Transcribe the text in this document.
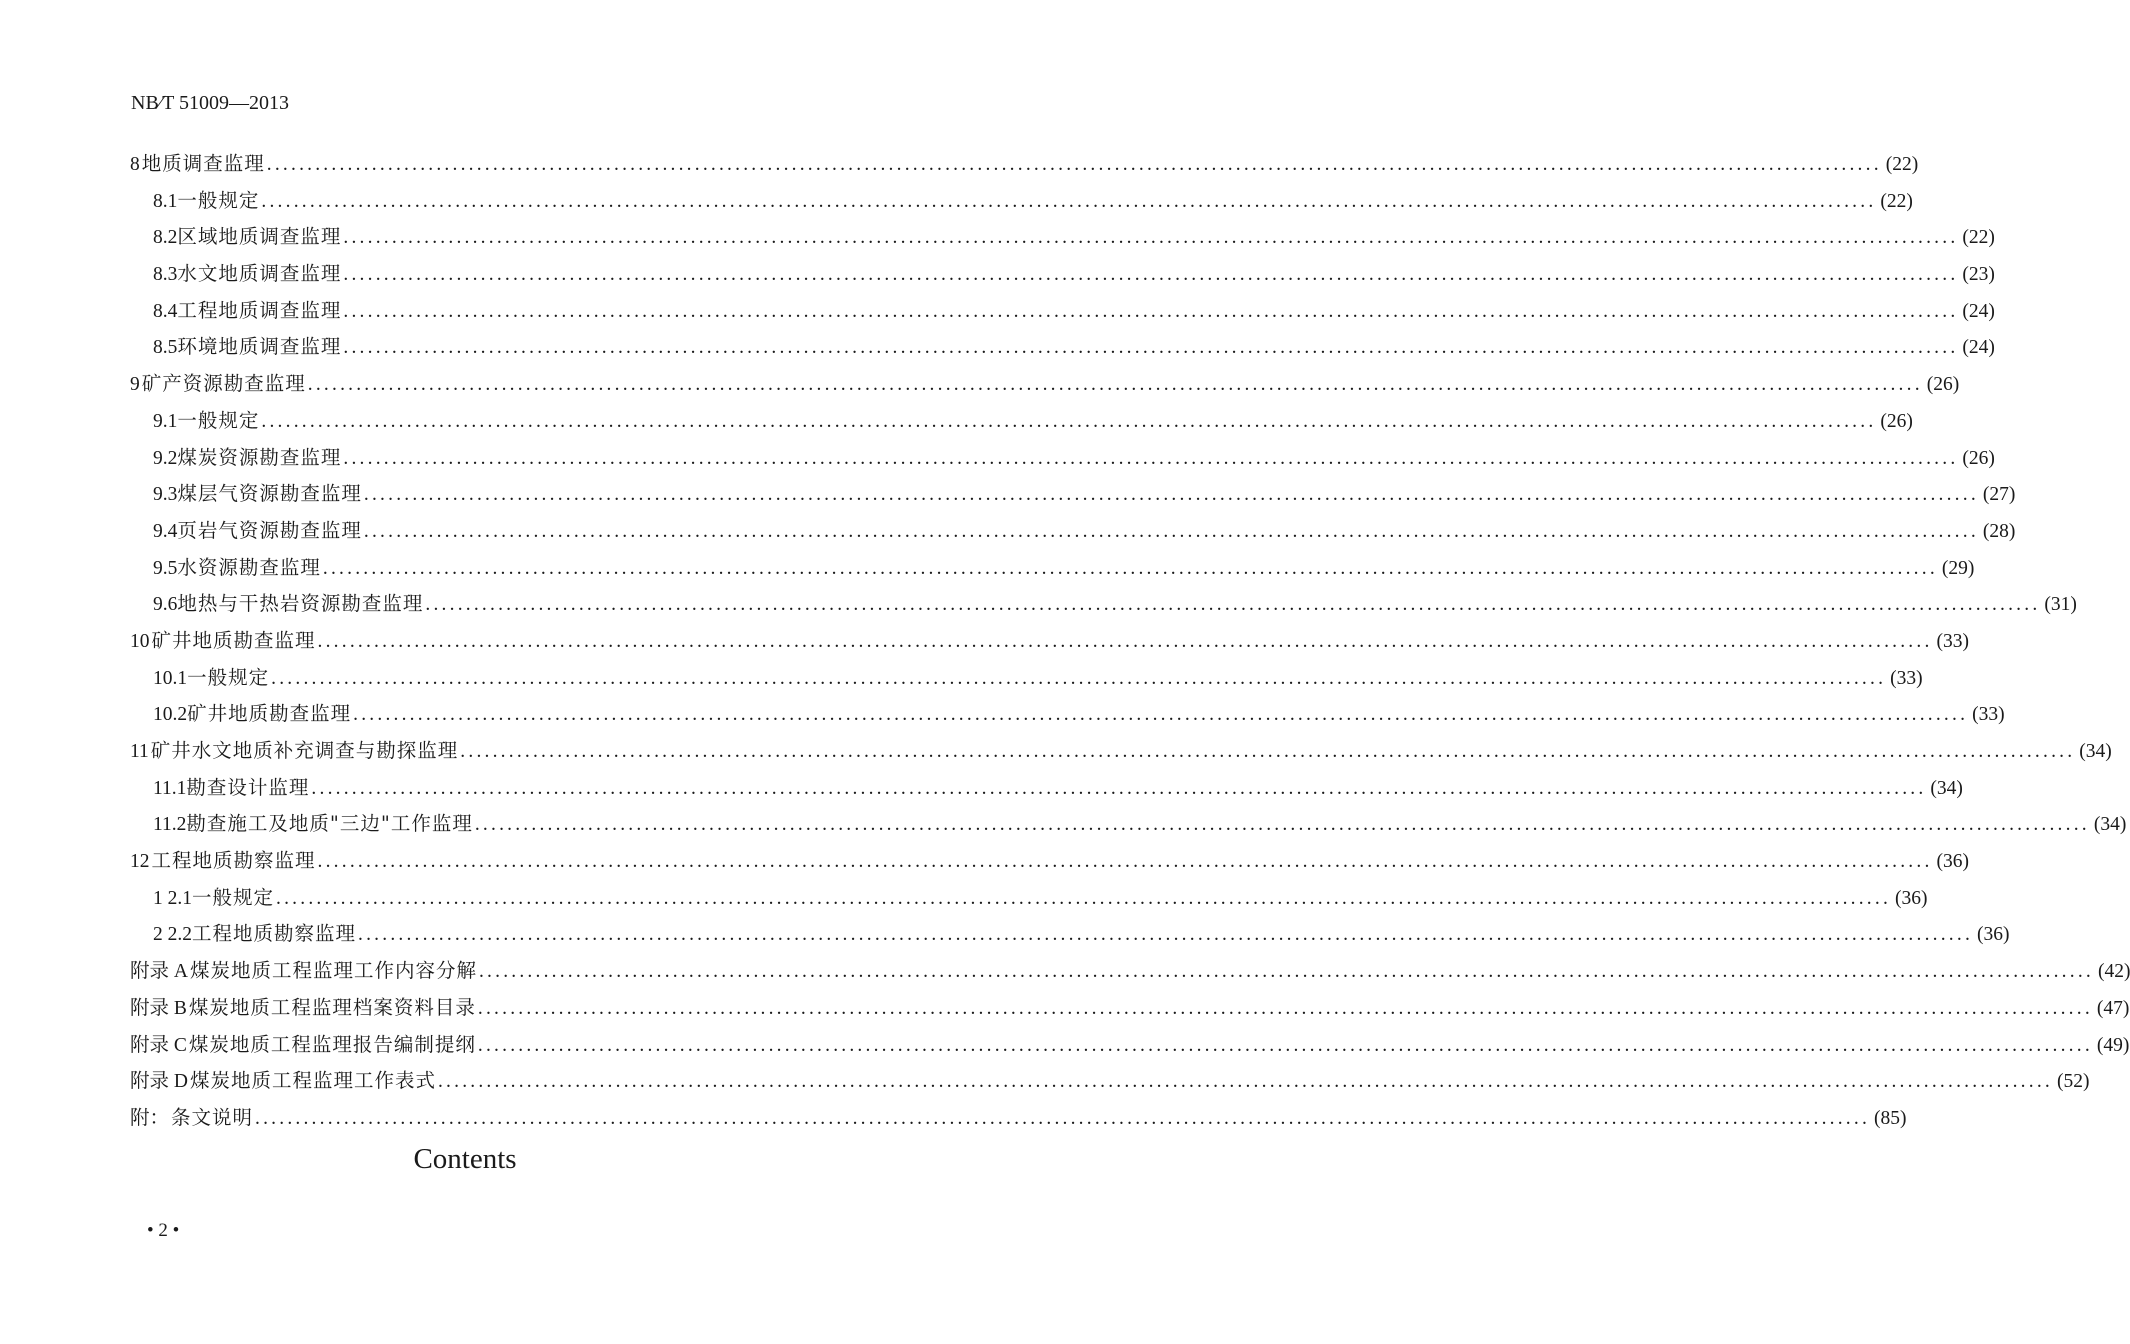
NB∕T 51009—2013
8 地质调查监理 ........................................................................................................................................................................................................ (22)
8.1 一般规定 ........................................................................................................................................................................................................ (22)
8.2 区域地质调查监理 ........................................................................................................................................................................................................ (22)
8.3 水文地质调查监理 ........................................................................................................................................................................................................ (23)
8.4 工程地质调查监理 ........................................................................................................................................................................................................ (24)
8.5 环境地质调查监理 ........................................................................................................................................................................................................ (24)
9 矿产资源勘查监理 ........................................................................................................................................................................................................ (26)
9.1 一般规定 ........................................................................................................................................................................................................ (26)
9.2 煤炭资源勘查监理 ........................................................................................................................................................................................................ (26)
9.3 煤层气资源勘查监理 ........................................................................................................................................................................................................ (27)
9.4 页岩气资源勘查监理 ........................................................................................................................................................................................................ (28)
9.5 水资源勘查监理 ........................................................................................................................................................................................................ (29)
9.6 地热与干热岩资源勘查监理 ........................................................................................................................................................................................................ (31)
10 矿井地质勘查监理 ........................................................................................................................................................................................................ (33)
10.1 一般规定 ........................................................................................................................................................................................................ (33)
10.2 矿井地质勘查监理 ........................................................................................................................................................................................................ (33)
11 矿井水文地质补充调查与勘探监理 ........................................................................................................................................................................................................ (34)
11.1 勘查设计监理 ........................................................................................................................................................................................................ (34)
11.2 勘查施工及地质"三边"工作监理 ........................................................................................................................................................................................................ (34)
12 工程地质勘察监理 ........................................................................................................................................................................................................ (36)
1 2.1 一般规定 ........................................................................................................................................................................................................ (36)
2 2.2 工程地质勘察监理 ........................................................................................................................................................................................................ (36)
附录 A 煤炭地质工程监理工作内容分解 ........................................................................................................................................................................................................ (42)
附录 B 煤炭地质工程监理档案资料目录 ........................................................................................................................................................................................................ (47)
附录 C 煤炭地质工程监理报告编制提纲 ........................................................................................................................................................................................................ (49)
附录 D 煤炭地质工程监理工作表式 ........................................................................................................................................................................................................ (52)
附： 条文说明 ........................................................................................................................................................................................................ (85)
Contents
• 2 •
